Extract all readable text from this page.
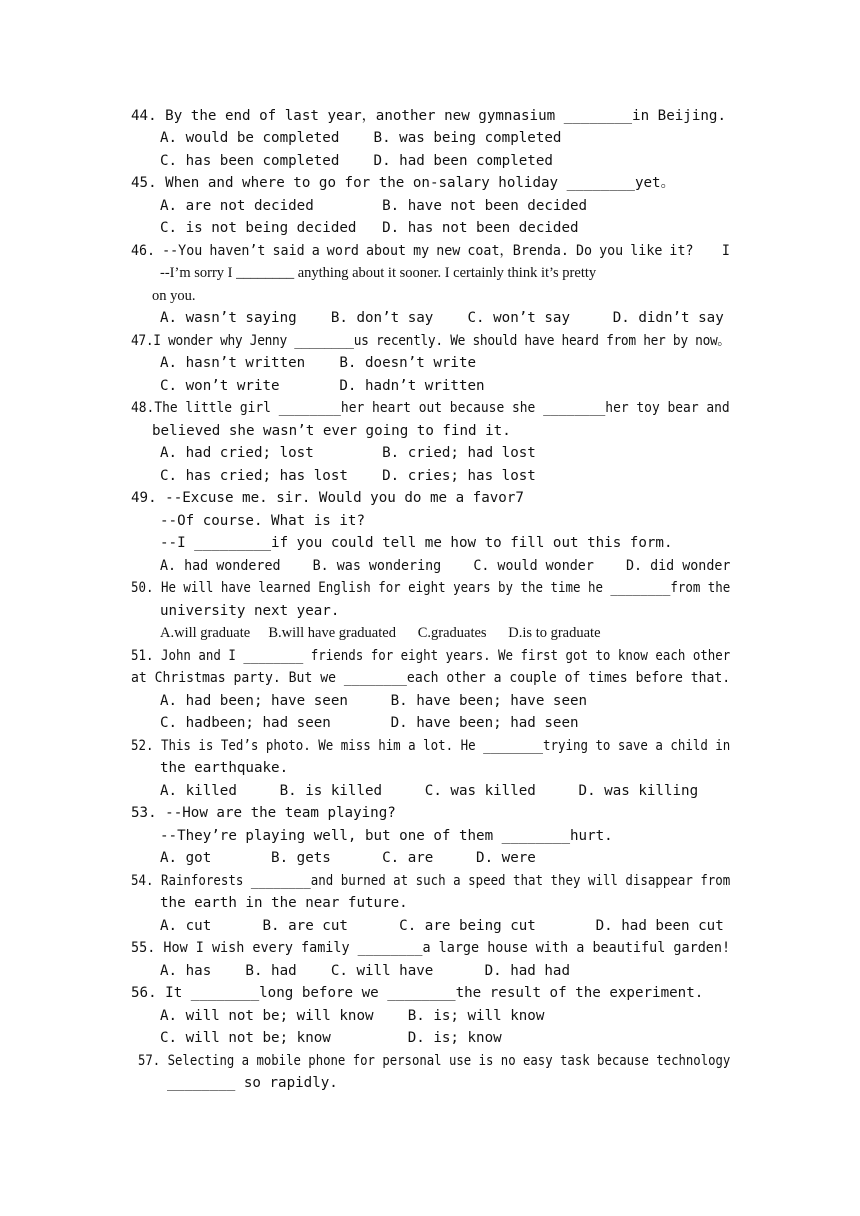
44. By the end of last year，another new gymnasium ________in Beijing.
A. would be completed    B. was being completed
C. has been completed    D. had been completed
45. When and where to go for the on-salary holiday ________yet。
A. are not decided        B. have not been decided
C. is not being decided   D. has not been decided
46. --You haven’t said a word about my new coat，Brenda. Do you like it?    I
--I’m sorry I ________ anything about it sooner. I certainly think it’s pretty
on you.
A. wasn’t saying    B. don’t say    C. won’t say     D. didn’t say
47.I wonder why Jenny ________us recently. We should have heard from her by now。
A. hasn’t written    B. doesn’t write
C. won’t write       D. hadn’t written
48.The little girl ________her heart out because she ________her toy bear and
believed she wasn’t ever going to find it.
A. had cried; lost        B. cried; had lost
C. has cried; has lost    D. cries; has lost
49. --Excuse me. sir. Would you do me a favor7
--Of course. What is it?
--I _________if you could tell me how to fill out this form.
A. had wondered    B. was wondering    C. would wonder    D. did wonder
50. He will have learned English for eight years by the time he ________from the
university next year.
A.will graduate     B.will have graduated      C.graduates      D.is to graduate
51. John and I ________ friends for eight years. We first got to know each other
at Christmas party. But we ________each other a couple of times before that.
A. had been; have seen     B. have been; have seen
C. hadbeen; had seen       D. have been; had seen
52. This is Ted’s photo. We miss him a lot. He ________trying to save a child in
the earthquake.
A. killed     B. is killed     C. was killed     D. was killing
53. --How are the team playing?
--They’re playing well, but one of them ________hurt.
A. got       B. gets      C. are     D. were
54. Rainforests ________and burned at such a speed that they will disappear from
the earth in the near future.
A. cut      B. are cut      C. are being cut       D. had been cut
55. How I wish every family ________a large house with a beautiful garden!
A. has    B. had    C. will have      D. had had
56. It ________long before we ________the result of the experiment.
A. will not be; will know    B. is; will know
C. will not be; know         D. is; know
57. Selecting a mobile phone for personal use is no easy task because technology
________ so rapidly.
